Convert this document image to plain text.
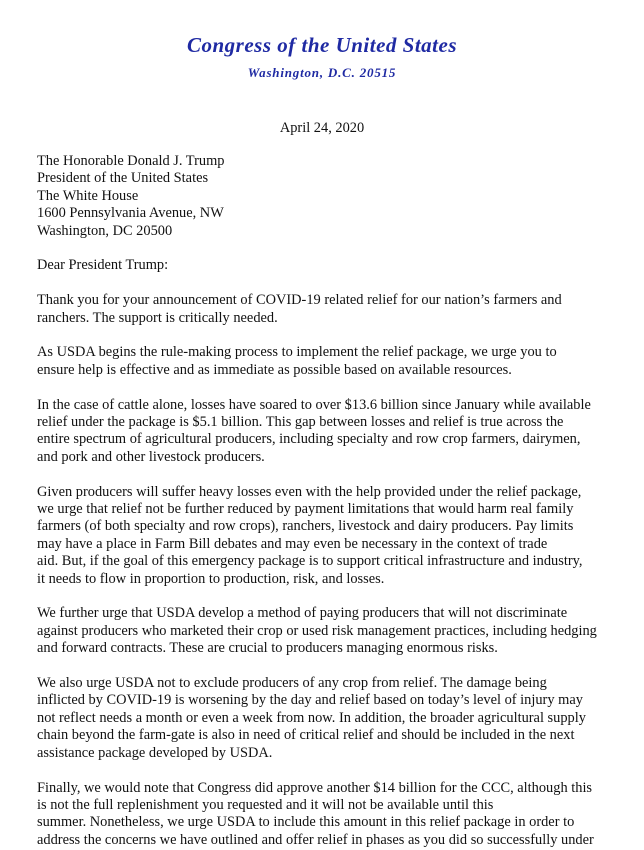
Congress of the United States
Washington, D.C. 20515
April 24, 2020
The Honorable Donald J. Trump
President of the United States
The White House
1600 Pennsylvania Avenue, NW
Washington, DC 20500
Dear President Trump:

Thank you for your announcement of COVID-19 related relief for our nation’s farmers and
ranchers. The support is critically needed.

As USDA begins the rule-making process to implement the relief package, we urge you to
ensure help is effective and as immediate as possible based on available resources.

In the case of cattle alone, losses have soared to over $13.6 billion since January while available
relief under the package is $5.1 billion. This gap between losses and relief is true across the
entire spectrum of agricultural producers, including specialty and row crop farmers, dairymen,
and pork and other livestock producers.

Given producers will suffer heavy losses even with the help provided under the relief package,
we urge that relief not be further reduced by payment limitations that would harm real family
farmers (of both specialty and row crops), ranchers, livestock and dairy producers. Pay limits
may have a place in Farm Bill debates and may even be necessary in the context of trade
aid. But, if the goal of this emergency package is to support critical infrastructure and industry,
it needs to flow in proportion to production, risk, and losses.

We further urge that USDA develop a method of paying producers that will not discriminate
against producers who marketed their crop or used risk management practices, including hedging
and forward contracts. These are crucial to producers managing enormous risks.

We also urge USDA not to exclude producers of any crop from relief. The damage being
inflicted by COVID-19 is worsening by the day and relief based on today’s level of injury may
not reflect needs a month or even a week from now. In addition, the broader agricultural supply
chain beyond the farm-gate is also in need of critical relief and should be included in the next
assistance package developed by USDA.

Finally, we would note that Congress did approve another $14 billion for the CCC, although this
is not the full replenishment you requested and it will not be available until this
summer. Nonetheless, we urge USDA to include this amount in this relief package in order to
address the concerns we have outlined and offer relief in phases as you did so successfully under
